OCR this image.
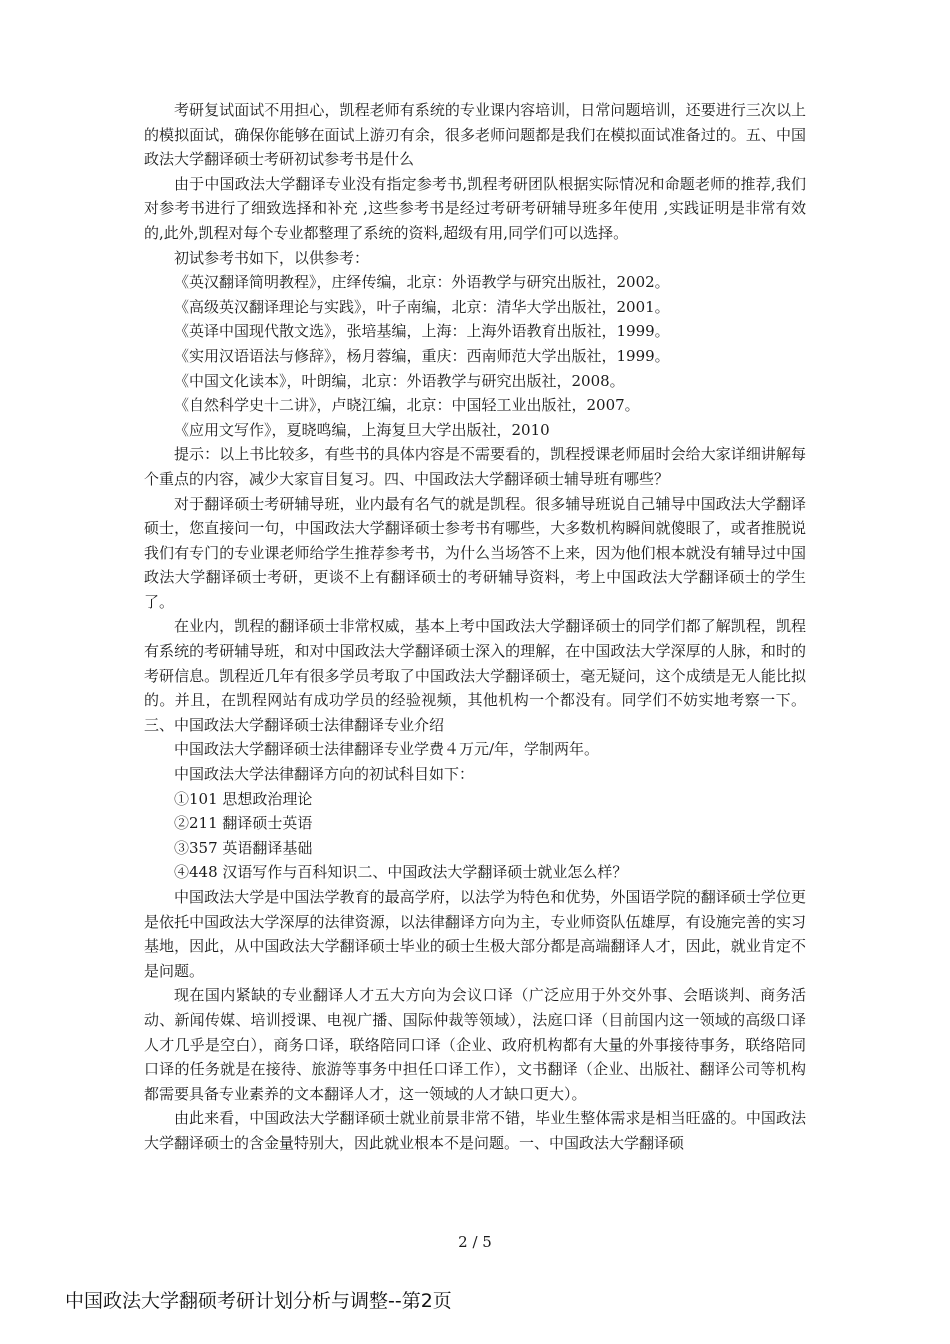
考研复试面试不用担心，凯程老师有系统的专业课内容培训，日常问题培训，还要进行三次以上的模拟面试，确保你能够在面试上游刃有余，很多老师问题都是我们在模拟面试准备过的。五、中国政法大学翻译硕士考研初试参考书是什么

由于中国政法大学翻译专业没有指定参考书,凯程考研团队根据实际情况和命题老师的推荐,我们对参考书进行了细致选择和补充 ,这些参考书是经过考研考研辅导班多年使用 ,实践证明是非常有效的,此外,凯程对每个专业都整理了系统的资料,超级有用,同学们可以选择。

初试参考书如下，以供参考：

《英汉翻译简明教程》，庄绎传编，北京：外语教学与研究出版社，2002。

《高级英汉翻译理论与实践》，叶子南编，北京：清华大学出版社，2001。

《英译中国现代散文选》，张培基编，上海：上海外语教育出版社，1999。

《实用汉语语法与修辞》，杨月蓉编，重庆：西南师范大学出版社，1999。

《中国文化读本》，叶朗编，北京：外语教学与研究出版社，2008。

《自然科学史十二讲》，卢晓江编，北京：中国轻工业出版社，2007。

《应用文写作》，夏晓鸣编，上海复旦大学出版社，2010

提示：以上书比较多，有些书的具体内容是不需要看的，凯程授课老师届时会给大家详细讲解每个重点的内容，减少大家盲目复习。四、中国政法大学翻译硕士辅导班有哪些？

对于翻译硕士考研辅导班，业内最有名气的就是凯程。很多辅导班说自己辅导中国政法大学翻译硕士，您直接问一句，中国政法大学翻译硕士参考书有哪些，大多数机构瞬间就傻眼了，或者推脱说我们有专门的专业课老师给学生推荐参考书，为什么当场答不上来，因为他们根本就没有辅导过中国政法大学翻译硕士考研，更谈不上有翻译硕士的考研辅导资料，考上中国政法大学翻译硕士的学生了。

在业内，凯程的翻译硕士非常权威，基本上考中国政法大学翻译硕士的同学们都了解凯程，凯程有系统的考研辅导班，和对中国政法大学翻译硕士深入的理解，在中国政法大学深厚的人脉，和时的考研信息。凯程近几年有很多学员考取了中国政法大学翻译硕士，毫无疑问，这个成绩是无人能比拟的。并且，在凯程网站有成功学员的经验视频，其他机构一个都没有。同学们不妨实地考察一下。三、中国政法大学翻译硕士法律翻译专业介绍

中国政法大学翻译硕士法律翻译专业学费４万元/年，学制两年。

中国政法大学法律翻译方向的初试科目如下：

①101 思想政治理论

②211 翻译硕士英语

③357 英语翻译基础

④448 汉语写作与百科知识二、中国政法大学翻译硕士就业怎么样？

中国政法大学是中国法学教育的最高学府，以法学为特色和优势，外国语学院的翻译硕士学位更是依托中国政法大学深厚的法律资源，以法律翻译方向为主，专业师资队伍雄厚，有设施完善的实习基地，因此，从中国政法大学翻译硕士毕业的硕士生极大部分都是高端翻译人才，因此，就业肯定不是问题。

现在国内紧缺的专业翻译人才五大方向为会议口译（广泛应用于外交外事、会晤谈判、商务活动、新闻传媒、培训授课、电视广播、国际仲裁等领域），法庭口译（目前国内这一领域的高级口译人才几乎是空白），商务口译，联络陪同口译（企业、政府机构都有大量的外事接待事务，联络陪同口译的任务就是在接待、旅游等事务中担任口译工作），文书翻译（企业、出版社、翻译公司等机构都需要具备专业素养的文本翻译人才，这一领域的人才缺口更大）。

由此来看，中国政法大学翻译硕士就业前景非常不错，毕业生整体需求是相当旺盛的。中国政法大学翻译硕士的含金量特别大，因此就业根本不是问题。一、中国政法大学翻译硕

2 / 5
中国政法大学翻硕考研计划分析与调整--第2页
